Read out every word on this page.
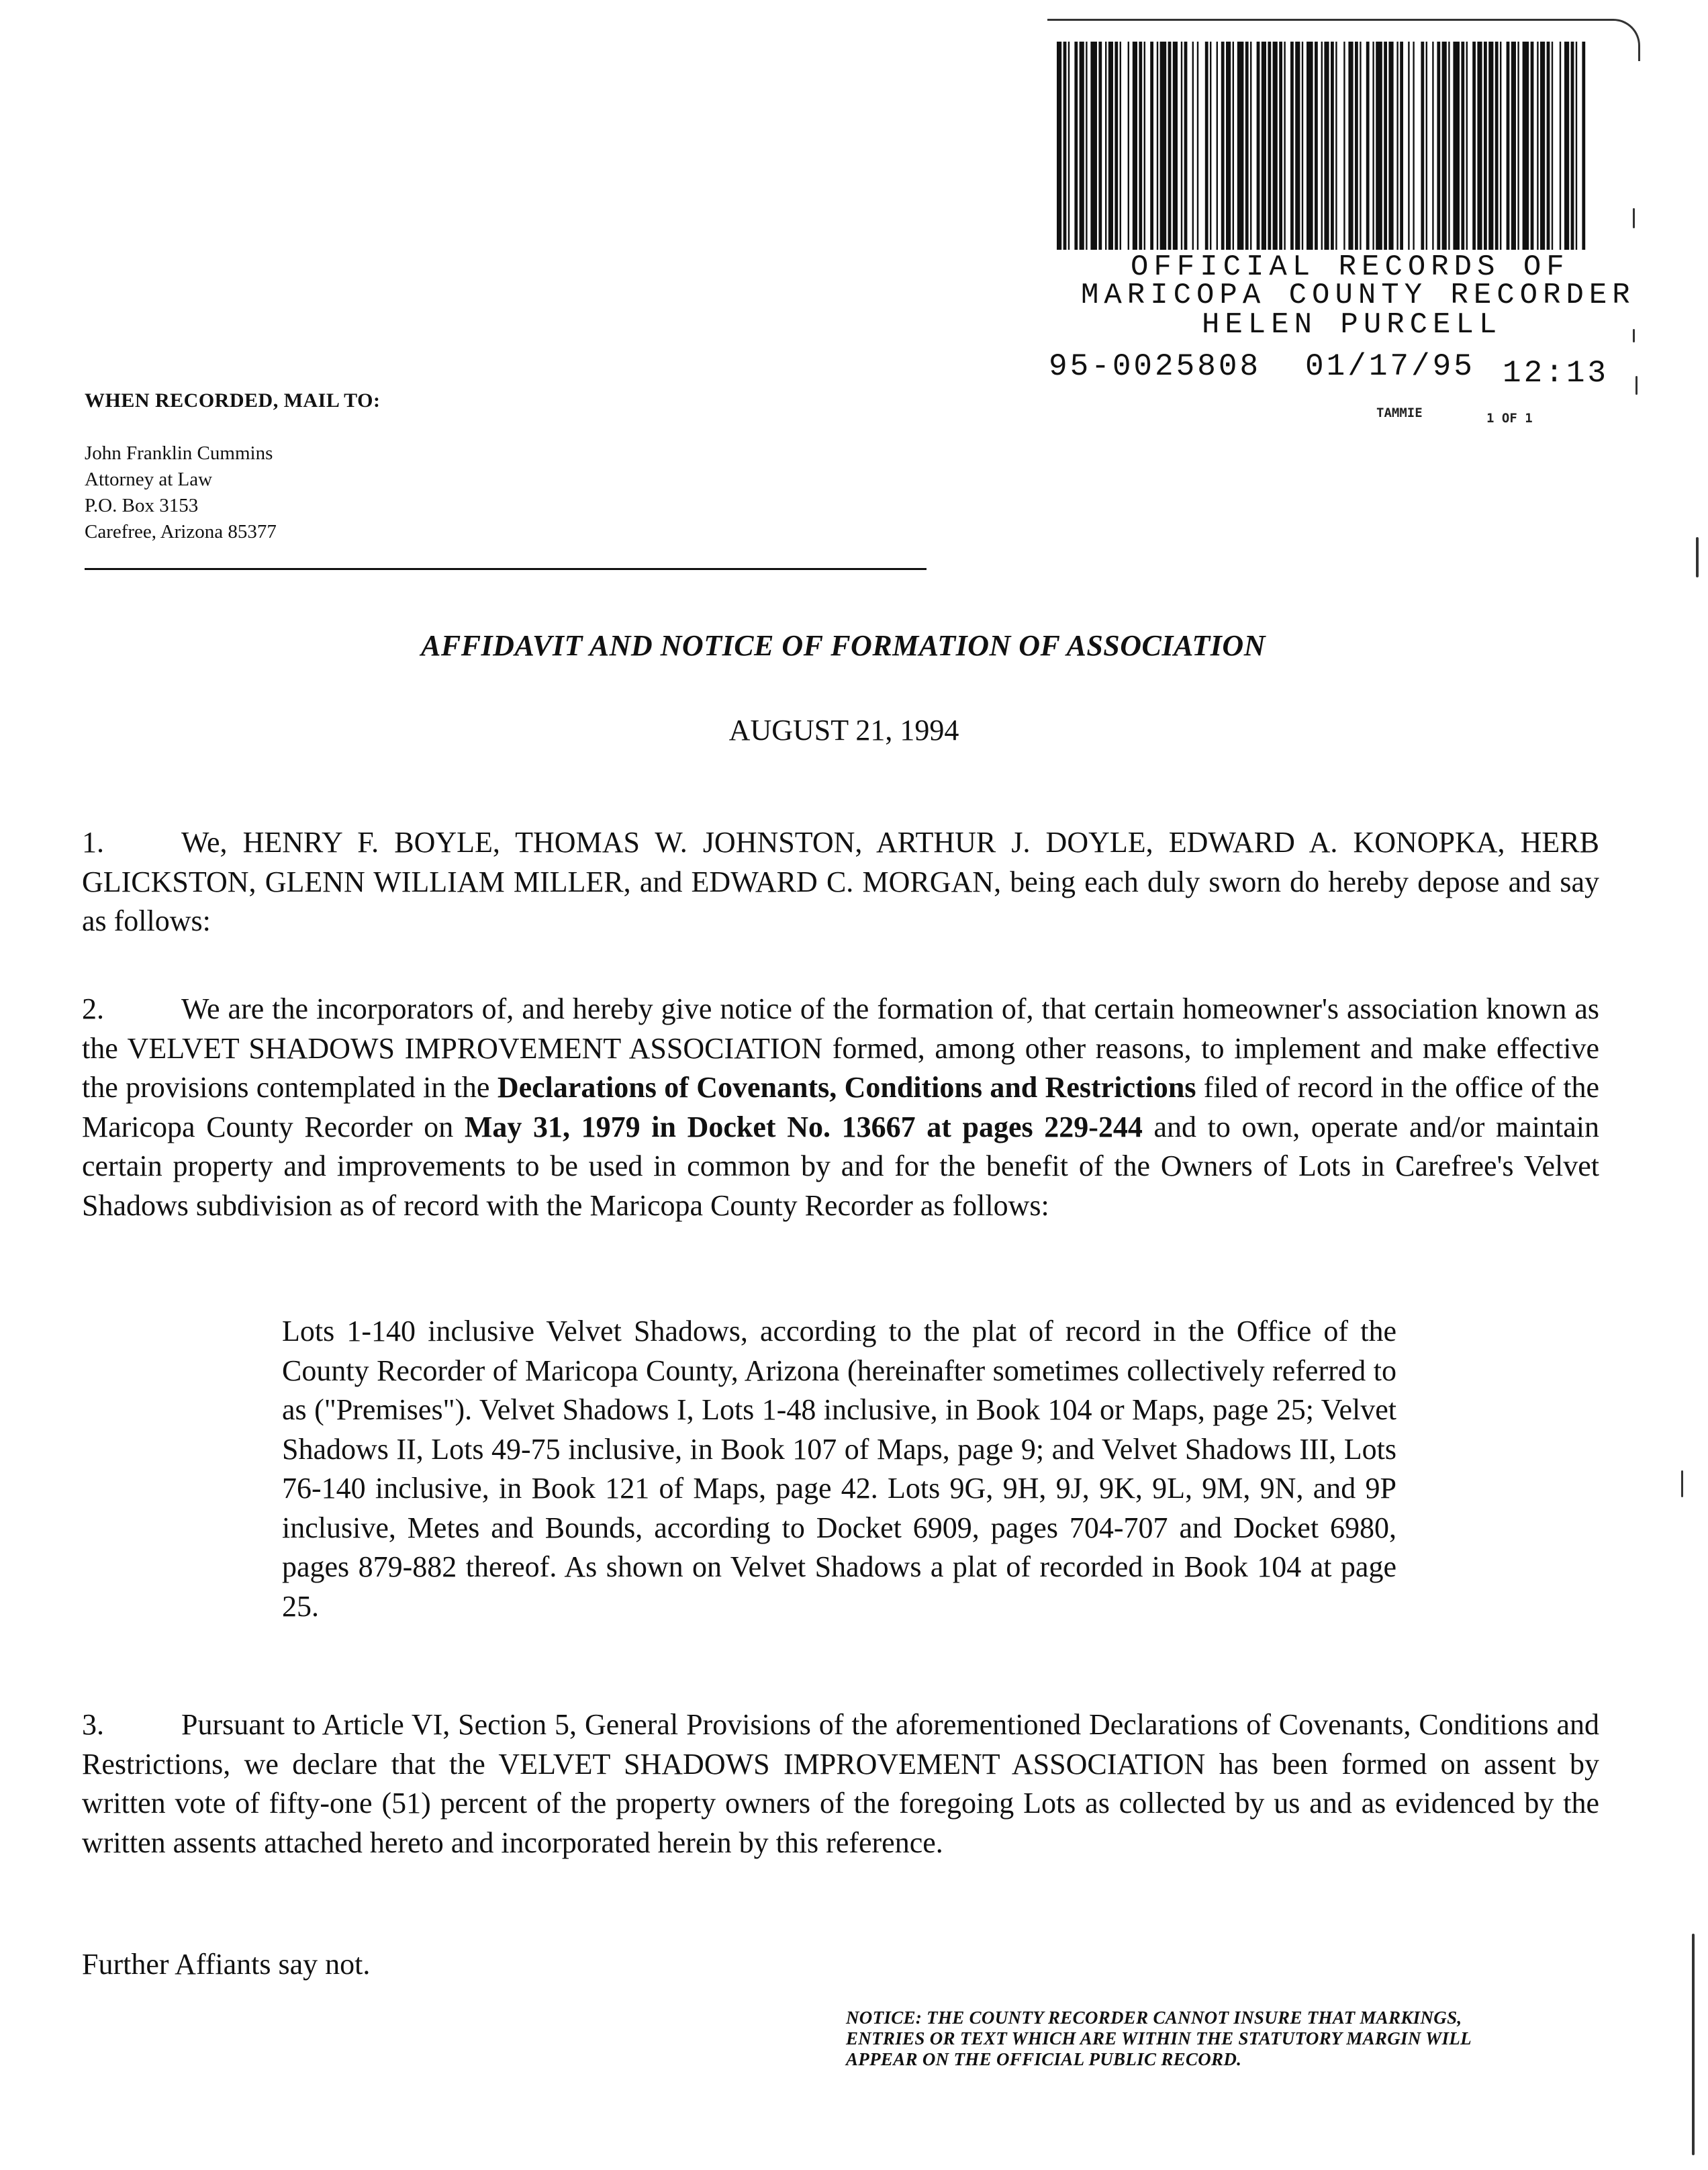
OFFICIAL RECORDS OF
MARICOPA COUNTY RECORDER
HELEN PURCELL
95-0025808 01/17/95 12:13
TAMMIE	1 OF 1
WHEN RECORDED, MAIL TO:
John Franklin Cummins
Attorney at Law
P.O. Box 3153
Carefree, Arizona 85377
AFFIDAVIT AND NOTICE OF FORMATION OF ASSOCIATION
AUGUST 21, 1994
1.	We, HENRY F. BOYLE, THOMAS W. JOHNSTON, ARTHUR J. DOYLE, EDWARD A. KONOPKA, HERB GLICKSTON, GLENN WILLIAM MILLER, and EDWARD C. MORGAN, being each duly sworn do hereby depose and say as follows:
2.	We are the incorporators of, and hereby give notice of the formation of, that certain homeowner's association known as the VELVET SHADOWS IMPROVEMENT ASSOCIATION formed, among other reasons, to implement and make effective the provisions contemplated in the Declarations of Covenants, Conditions and Restrictions filed of record in the office of the Maricopa County Recorder on May 31, 1979 in Docket No. 13667 at pages 229-244 and to own, operate and/or maintain certain property and improvements to be used in common by and for the benefit of the Owners of Lots in Carefree's Velvet Shadows subdivision as of record with the Maricopa County Recorder as follows:
Lots 1-140 inclusive Velvet Shadows, according to the plat of record in the Office of the County Recorder of Maricopa County, Arizona (hereinafter sometimes collectively referred to as ("Premises"). Velvet Shadows I, Lots 1-48 inclusive, in Book 104 or Maps, page 25; Velvet Shadows II, Lots 49-75 inclusive, in Book 107 of Maps, page 9; and Velvet Shadows III, Lots 76-140 inclusive, in Book 121 of Maps, page 42. Lots 9G, 9H, 9J, 9K, 9L, 9M, 9N, and 9P inclusive, Metes and Bounds, according to Docket 6909, pages 704-707 and Docket 6980, pages 879-882 thereof. As shown on Velvet Shadows a plat of recorded in Book 104 at page 25.
3.	Pursuant to Article VI, Section 5, General Provisions of the aforementioned Declarations of Covenants, Conditions and Restrictions, we declare that the VELVET SHADOWS IMPROVEMENT ASSOCIATION has been formed on assent by written vote of fifty-one (51) percent of the property owners of the foregoing Lots as collected by us and as evidenced by the written assents attached hereto and incorporated herein by this reference.
Further Affiants say not.
NOTICE: THE COUNTY RECORDER CANNOT INSURE THAT MARKINGS, ENTRIES OR TEXT WHICH ARE WITHIN THE STATUTORY MARGIN WILL APPEAR ON THE OFFICIAL PUBLIC RECORD.
